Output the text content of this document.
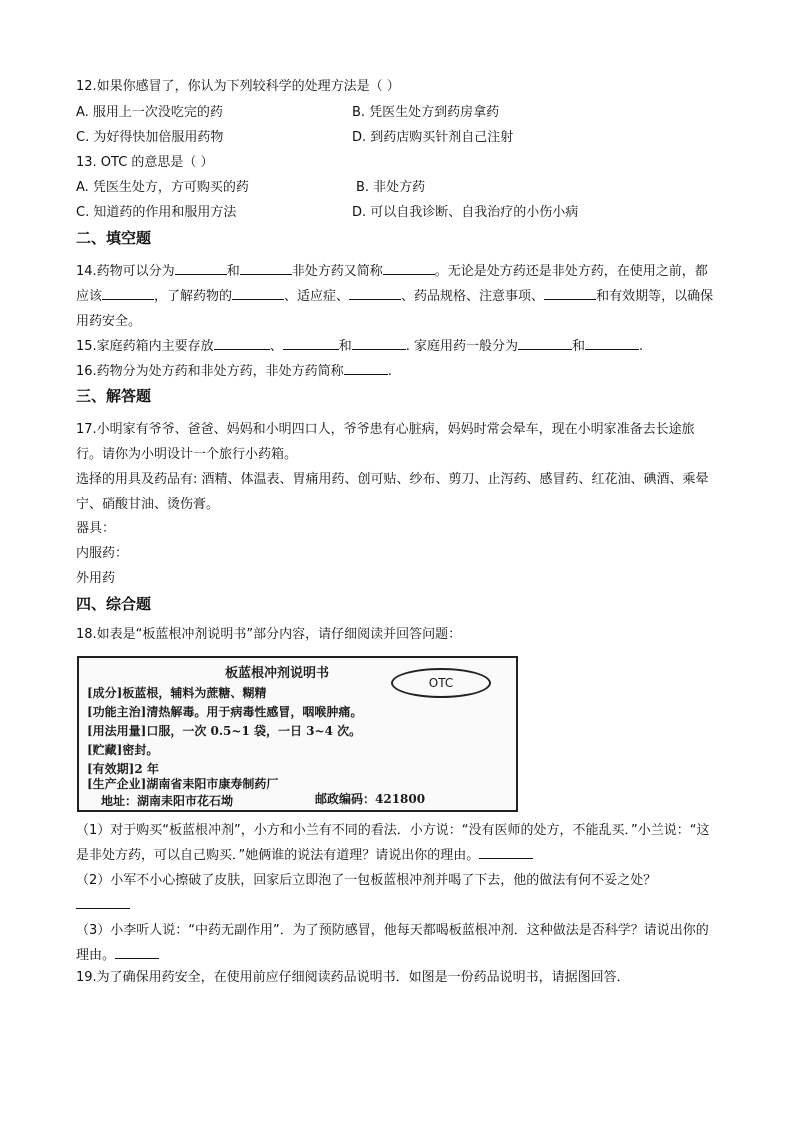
12.如果你感冒了，你认为下列较科学的处理方法是（ ）
A. 服用上一次没吃完的药	B. 凭医生处方到药房拿药
C. 为好得快加倍服用药物	D. 到药店购买针剂自己注射
13. OTC 的意思是（ ）
A. 凭医生处方，方可购买的药	B. 非处方药
C. 知道药的作用和服用方法	D. 可以自我诊断、自我治疗的小伤小病
二、填空题
14.药物可以分为	和	非处方药又简称	。无论是处方药还是非处方药，在使用之前，都应该	，了解药物的	、适应症、	、药品规格、注意事项、	和有效期等，以确保用药安全。
15.家庭药箱内主要存放	、	和	. 家庭用药一般分为	和	.
16.药物分为处方药和非处方药，非处方药简称	.
三、解答题
17.小明家有爷爷、爸爸、妈妈和小明四口人，爷爷患有心脏病，妈妈时常会晕车，现在小明家准备去长途旅行。请你为小明设计一个旅行小药箱。
选择的用具及药品有: 酒精、体温表、胃痛用药、创可贴、纱布、剪刀、止泻药、感冒药、红花油、碘酒、乘晕宁、硝酸甘油、烫伤膏。
器具：
内服药：
外用药
四、综合题
18.如表是“板蓝根冲剂说明书”部分内容，请仔细阅读并回答问题：
板蓝根冲剂说明书
OTC
[成分]板蓝根，辅料为蔗糖、糊精
[功能主治]清热解毒。用于病毒性感冒，咽喉肿痛。
[用法用量]口服，一次 0.5~1 袋，一日 3~4 次。
[贮藏]密封。
[有效期]2 年
[生产企业]湖南省耒阳市康寿制药厂
地址：湖南耒阳市花石坳	邮政编码：421800
（1）对于购买“板蓝根冲剂”，小方和小兰有不同的看法．小方说：“没有医师的处方，不能乱买．”小兰说：“这是非处方药，可以自己购买．”她俩谁的说法有道理？请说出你的理由。
（2）小军不小心擦破了皮肤，回家后立即泡了一包板蓝根冲剂并喝了下去，他的做法有何不妥之处？

（3）小李听人说：“中药无副作用”．为了预防感冒，他每天都喝板蓝根冲剂．这种做法是否科学？请说出你的理由。
19.为了确保用药安全，在使用前应仔细阅读药品说明书．如图是一份药品说明书，请据图回答．
